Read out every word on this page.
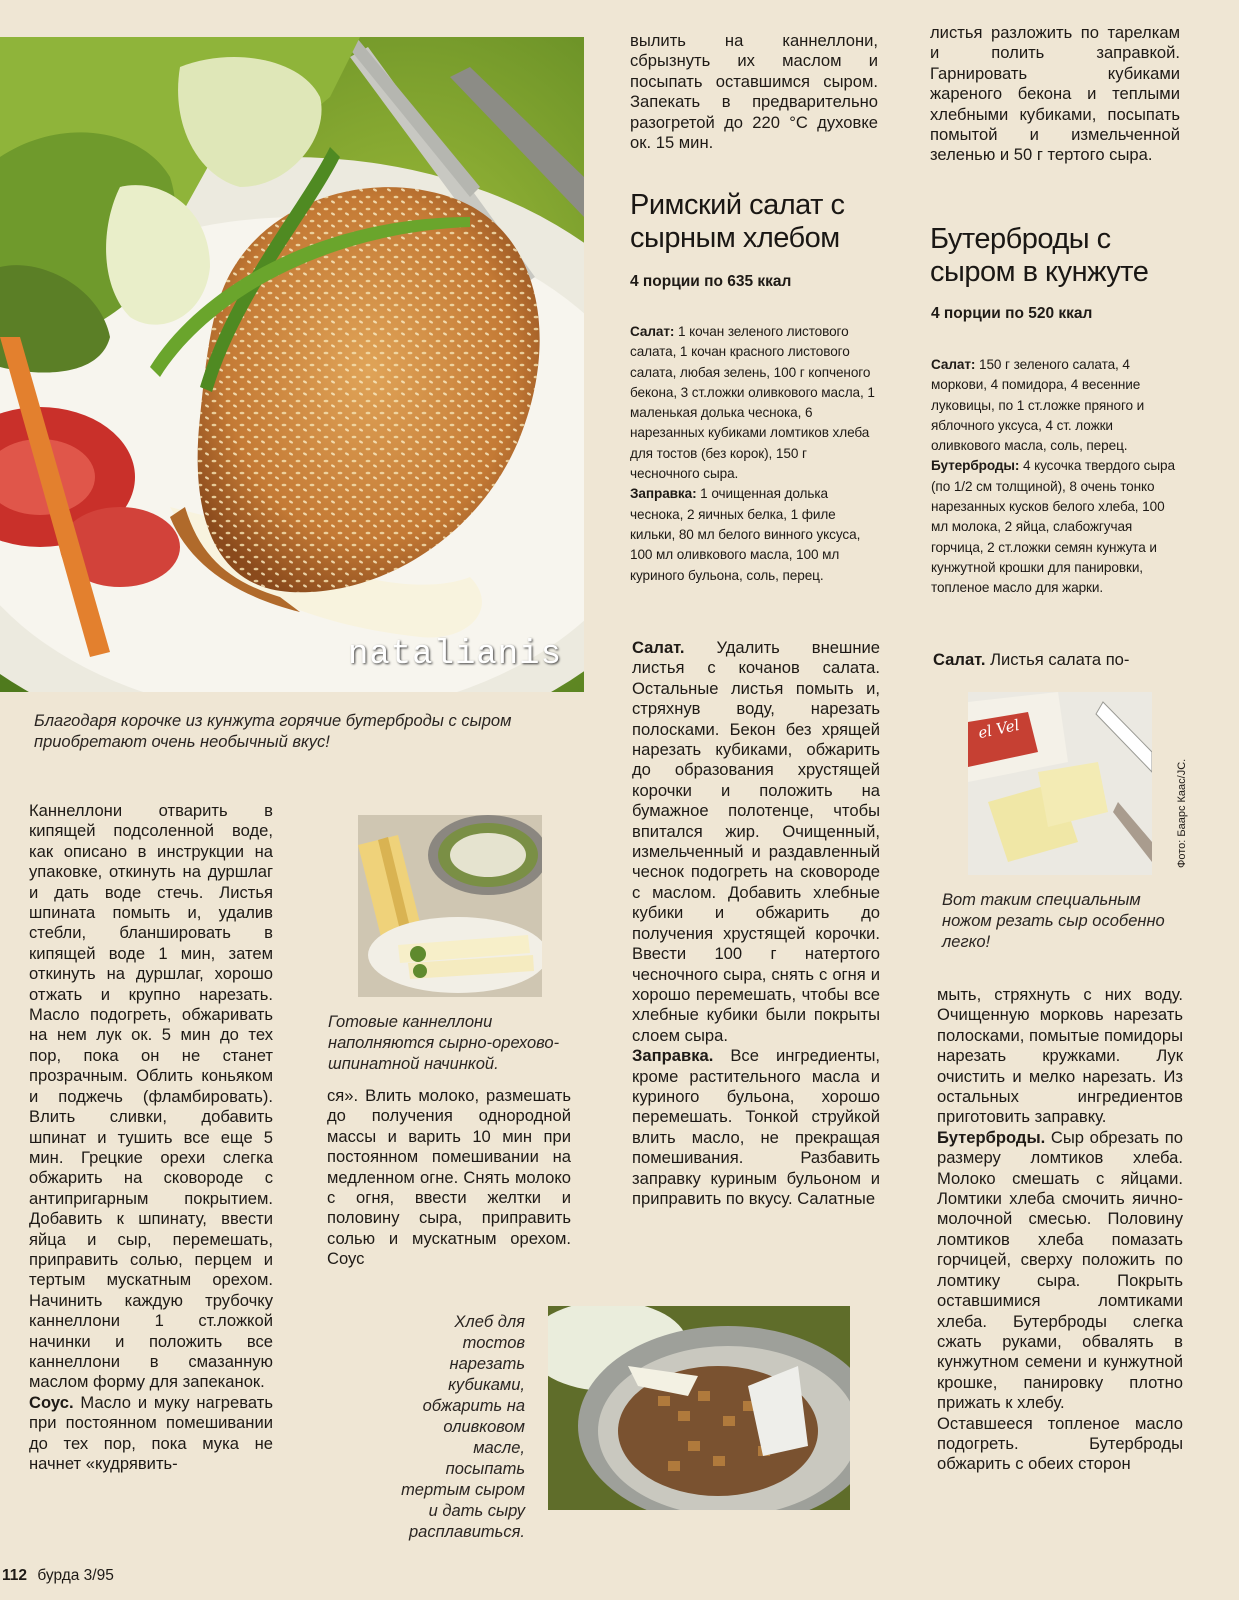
natalianis
Благодаря корочке из кунжута горячие бутерброды с сыром приобретают очень необычный вкус!
вылить на каннеллони, сбрызнуть их маслом и посыпать оставшимся сыром. Запекать в предварительно разогретой до 220 °С духовке ок. 15 мин.
Римский салат с
сырным хлебом
4 порции по 635 ккал

Салат: 1 кочан зеленого листового салата, 1 кочан красного листового салата, любая зелень, 100 г копченого бекона, 3 ст.ложки оливкового масла, 1 маленькая долька чеснока, 6 нарезанных кубиками ломтиков хлеба для тостов (без корок), 150 г чесночного сыра.

Заправка: 1 очищенная долька чеснока, 2 яичных белка, 1 филе кильки, 80 мл белого винного уксуса, 100 мл оливкового масла, 100 мл куриного бульона, соль, перец.

Салат. Удалить внешние листья с кочанов салата. Остальные листья помыть и, стряхнув воду, нарезать полосками. Бекон без хрящей нарезать кубиками, обжарить до образования хрустящей корочки и положить на бумажное полотенце, чтобы впитался жир. Очищенный, измельченный и раздавленный чеснок подогреть на сковороде с маслом. Добавить хлебные кубики и обжарить до получения хрустящей корочки. Ввести 100 г натертого чесночного сыра, снять с огня и хорошо перемешать, чтобы все хлебные кубики были покрыты слоем сыра.

Заправка. Все ингредиенты, кроме растительного масла и куриного бульона, хорошо перемешать. Тонкой струйкой влить масло, не прекращая помешивания. Разбавить заправку куриным бульоном и приправить по вкусу. Салатные

листья разложить по тарелкам и полить заправкой. Гарнировать кубиками жареного бекона и теплыми хлебными кубиками, посыпать помытой и измельченной зеленью и 50 г тертого сыра.
Бутерброды с
сыром в кунжуте
4 порции по 520 ккал

Салат: 150 г зеленого салата, 4 моркови, 4 помидора, 4 весенние луковицы, по 1 ст.ложке пряного и яблочного уксуса, 4 ст. ложки оливкового масла, соль, перец.

Бутерброды: 4 кусочка твердого сыра (по 1/2 см толщиной), 8 очень тонко нарезанных кусков белого хлеба, 100 мл молока, 2 яйца, слабожгучая горчица, 2 ст.ложки семян кунжута и кунжутной крошки для панировки, топленое масло для жарки.

Салат. Листья салата по-

el Vel
Фото: Баарс Каас/JC.
Вот таким специальным ножом резать сыр особенно легко!

мыть, стряхнуть с них воду. Очищенную морковь нарезать полосками, помытые помидоры нарезать кружками. Лук очистить и мелко нарезать. Из остальных ингредиентов приготовить заправку.

Бутерброды. Сыр обрезать по размеру ломтиков хлеба. Молоко смешать с яйцами. Ломтики хлеба смочить яично-молочной смесью. Половину ломтиков хлеба помазать горчицей, сверху положить по ломтику сыра. Покрыть оставшимися ломтиками хлеба. Бутерброды слегка сжать руками, обвалять в кунжутном семени и кунжутной крошке, панировку плотно прижать к хлебу.

Оставшееся топленое масло подогреть. Бутерброды обжарить с обеих сторон

Каннеллони отварить в кипящей подсоленной воде, как описано в инструкции на упаковке, откинуть на дуршлаг и дать воде стечь. Листья шпината помыть и, удалив стебли, бланшировать в кипящей воде 1 мин, затем откинуть на дуршлаг, хорошо отжать и крупно нарезать. Масло подогреть, обжаривать на нем лук ок. 5 мин до тех пор, пока он не станет прозрачным. Облить коньяком и поджечь (фламбировать). Влить сливки, добавить шпинат и тушить все еще 5 мин. Грецкие орехи слегка обжарить на сковороде с антипригарным покрытием. Добавить к шпинату, ввести яйца и сыр, перемешать, приправить солью, перцем и тертым мускатным орехом. Начинить каждую трубочку каннеллони 1 ст.ложкой начинки и положить все каннеллони в смазанную маслом форму для запеканок.

Соус. Масло и муку нагревать при постоянном помешивании до тех пор, пока мука не начнет «кудрявить-

Готовые каннеллони наполняются сырно-орехово-шпинатной начинкой.
ся». Влить молоко, размешать до получения однородной массы и варить 10 мин при постоянном помешивании на медленном огне. Снять молоко с огня, ввести желтки и половину сыра, приправить солью и мускатным орехом. Соус
Хлеб для тостов нарезать кубиками, обжарить на оливковом масле, посыпать тертым сыром и дать сыру расплавиться.
112 бурда 3/95
